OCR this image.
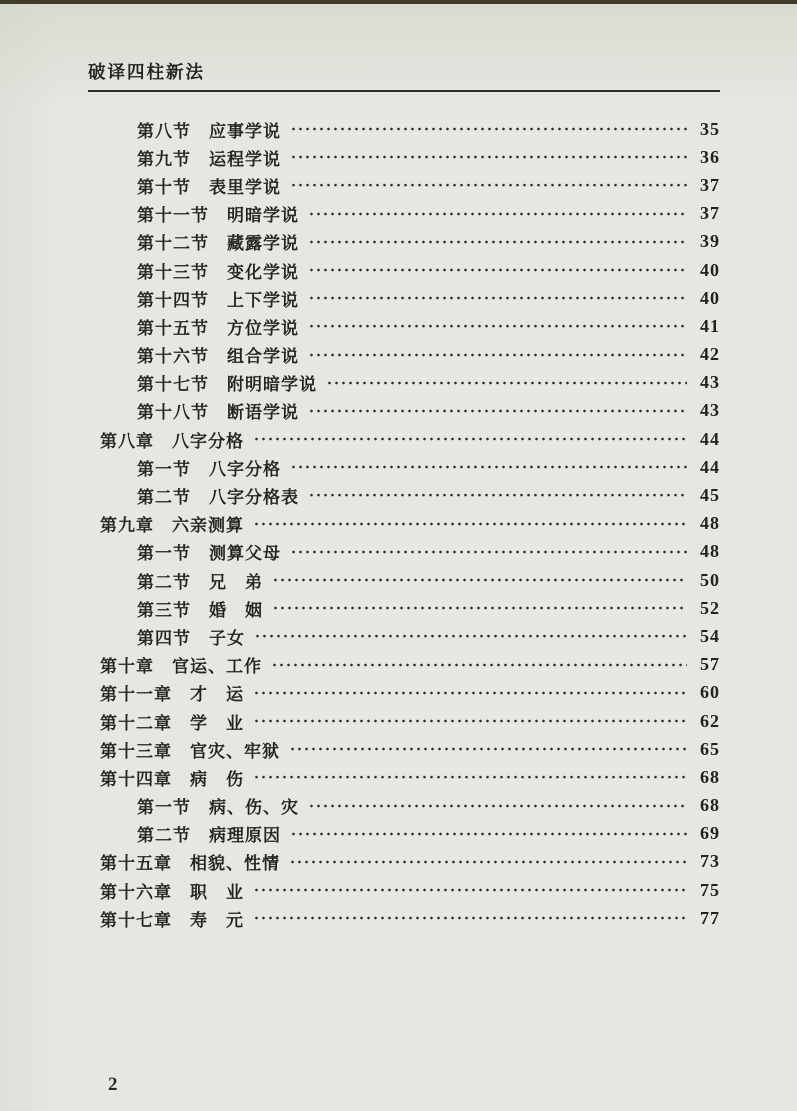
破译四柱新法
第八节　应事学说	35
第九节　运程学说	36
第十节　表里学说	37
第十一节　明暗学说	37
第十二节　藏露学说	39
第十三节　变化学说	40
第十四节　上下学说	40
第十五节　方位学说	41
第十六节　组合学说	42
第十七节　附明暗学说	43
第十八节　断语学说	43
第八章　八字分格	44
第一节　八字分格	44
第二节　八字分格表	45
第九章　六亲测算	48
第一节　测算父母	48
第二节　兄　弟	50
第三节　婚　姻	52
第四节　子女	54
第十章　官运、工作	57
第十一章　才　运	60
第十二章　学　业	62
第十三章　官灾、牢狱	65
第十四章　病　伤	68
第一节　病、伤、灾	68
第二节　病理原因	69
第十五章　相貌、性情	73
第十六章　职　业	75
第十七章　寿　元	77
2
